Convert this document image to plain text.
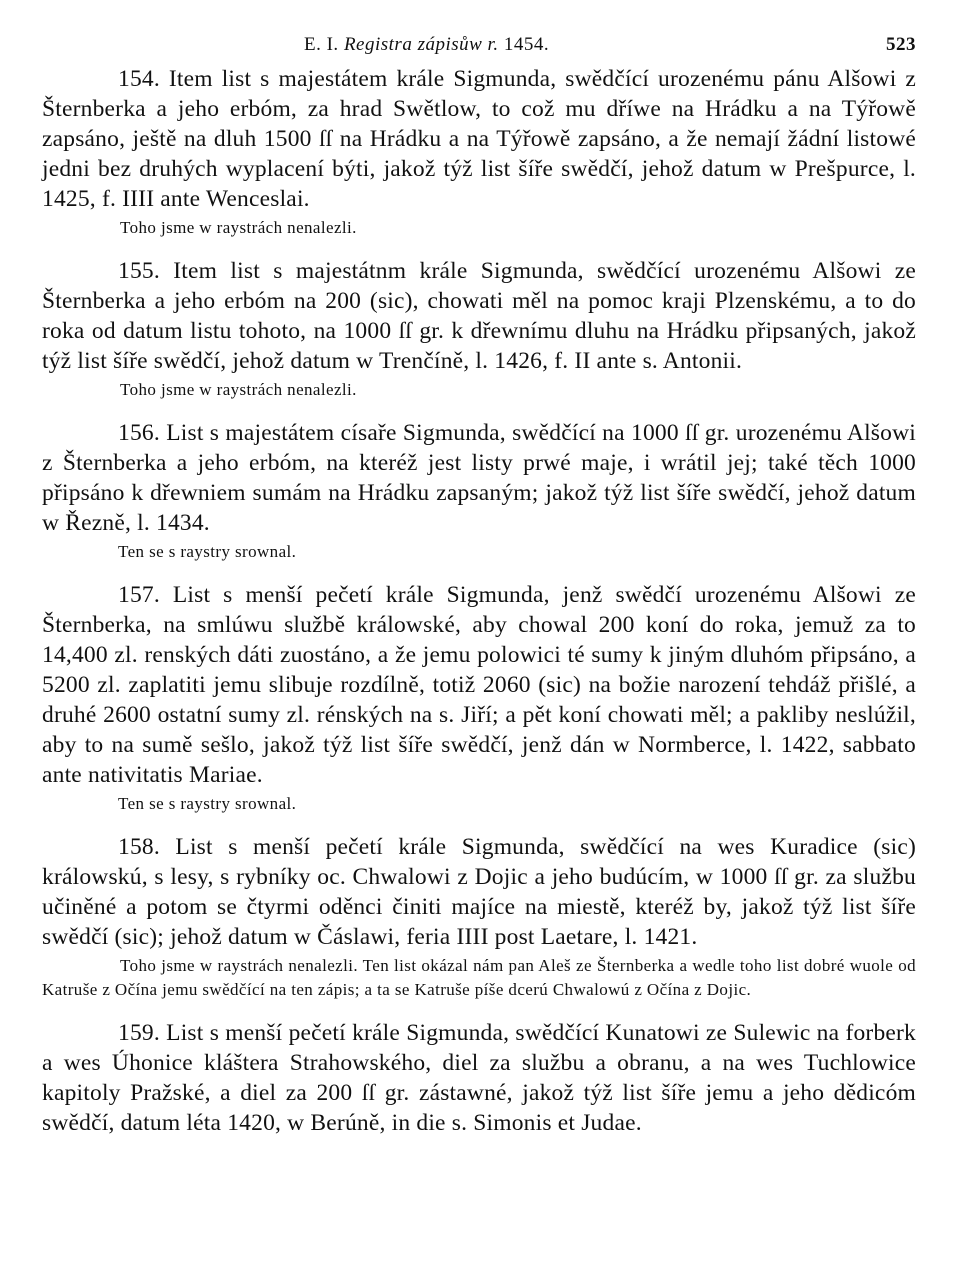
E. I. Registra zápisůw r. 1454.	523

154. Item list s majestátem krále Sigmunda, swědčící urozenému pánu Alšowi z Šternberka a jeho erbóm, za hrad Swětlow, to což mu dříwe na Hrádku a na Týřowě zapsáno, ještě na dluh 1500 ſſ na Hrádku a na Týřowě zapsáno, a že nemají žádní listowé jedni bez druhých wyplacení býti, jakož týž list šíře swědčí, jehož datum w Prešpurce, l. 1425, f. IIII ante Wenceslai.

Toho jsme w raystrách nenalezli.

155. Item list s majestátnm krále Sigmunda, swědčící urozenému Alšowi ze Šternberka a jeho erbóm na 200 (sic), chowati měl na pomoc kraji Plzenskému, a to do roka od datum listu tohoto, na 1000 ſſ gr. k dřewnímu dluhu na Hrádku připsaných, jakož týž list šíře swědčí, jehož datum w Trenčíně, l. 1426, f. II ante s. Antonii.

Toho jsme w raystrách nenalezli.

156. List s majestátem císaře Sigmunda, swědčící na 1000 ſſ gr. urozenému Alšowi z Šternberka a jeho erbóm, na kteréž jest listy prwé maje, i wrátil jej; také těch 1000 připsáno k dřewniem sumám na Hrádku zapsaným; jakož týž list šíře swědčí, jehož datum w Řezně, l. 1434.

Ten se s raystry srownal.

157. List s menší pečetí krále Sigmunda, jenž swědčí urozenému Alšowi ze Šternberka, na smlúwu službě králowské, aby chowal 200 koní do roka, jemuž za to 14,400 zl. renských dáti zuostáno, a že jemu polowici té sumy k jiným dluhóm připsáno, a 5200 zl. zaplatiti jemu slibuje rozdílně, totiž 2060 (sic) na božie narození tehdáž přišlé, a druhé 2600 ostatní sumy zl. rénských na s. Jiří; a pět koní chowati měl; a pakliby neslúžil, aby to na sumě sešlo, jakož týž list šíře swědčí, jenž dán w Normberce, l. 1422, sabbato ante nativitatis Mariae.

Ten se s raystry srownal.

158. List s menší pečetí krále Sigmunda, swědčící na wes Kuradice (sic) králowskú, s lesy, s rybníky oc. Chwalowi z Dojic a jeho budúcím, w 1000 ſſ gr. za službu učiněné a potom se čtyrmi oděnci činiti majíce na miestě, kteréž by, jakož týž list šíře swědčí (sic); jehož datum w Čáslawi, feria IIII post Laetare, l. 1421.

Toho jsme w raystrách nenalezli. Ten list okázal nám pan Aleš ze Šternberka a wedle toho list dobré wuole od Katruše z Očína jemu swědčící na ten zápis; a ta se Katruše píše dcerú Chwalowú z Očína z Dojic.

159. List s menší pečetí krále Sigmunda, swědčící Kunatowi ze Sulewic na forberk a wes Úhonice kláštera Strahowského, diel za službu a obranu, a na wes Tuchlowice kapitoly Pražské, a diel za 200 ſſ gr. zástawné, jakož týž list šíře jemu a jeho dědicóm swědčí, datum léta 1420, w Berúně, in die s. Simonis et Judae.
